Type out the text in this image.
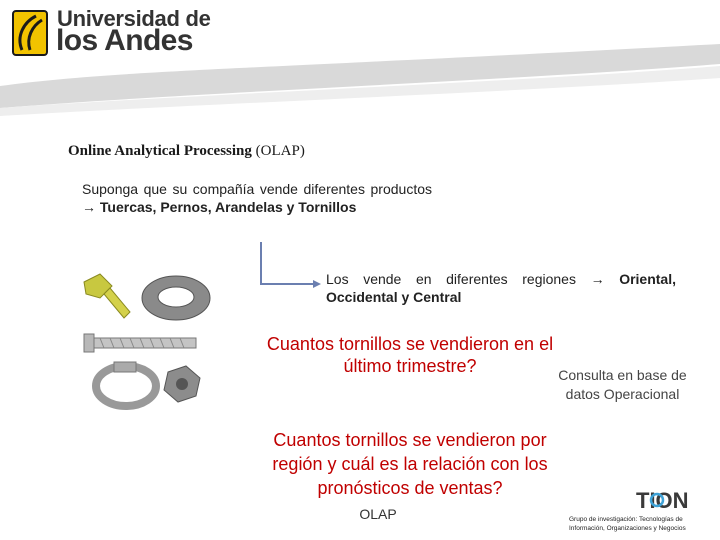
Universidad de
los Andes
Online Analytical Processing (OLAP)
Suponga que su compañía vende diferentes productos → Tuercas, Pernos, Arandelas y Tornillos
Los vende en diferentes regiones → Oriental, Occidental y Central
Cuantos tornillos se vendieron en el último trimestre?	Consulta en base de datos Operacional
Cuantos tornillos se vendieron por región y cuál es la relación con los pronósticos de ventas?
OLAP
TION
Grupo de investigación: Tecnologías de Información, Organizaciones y Negocios
